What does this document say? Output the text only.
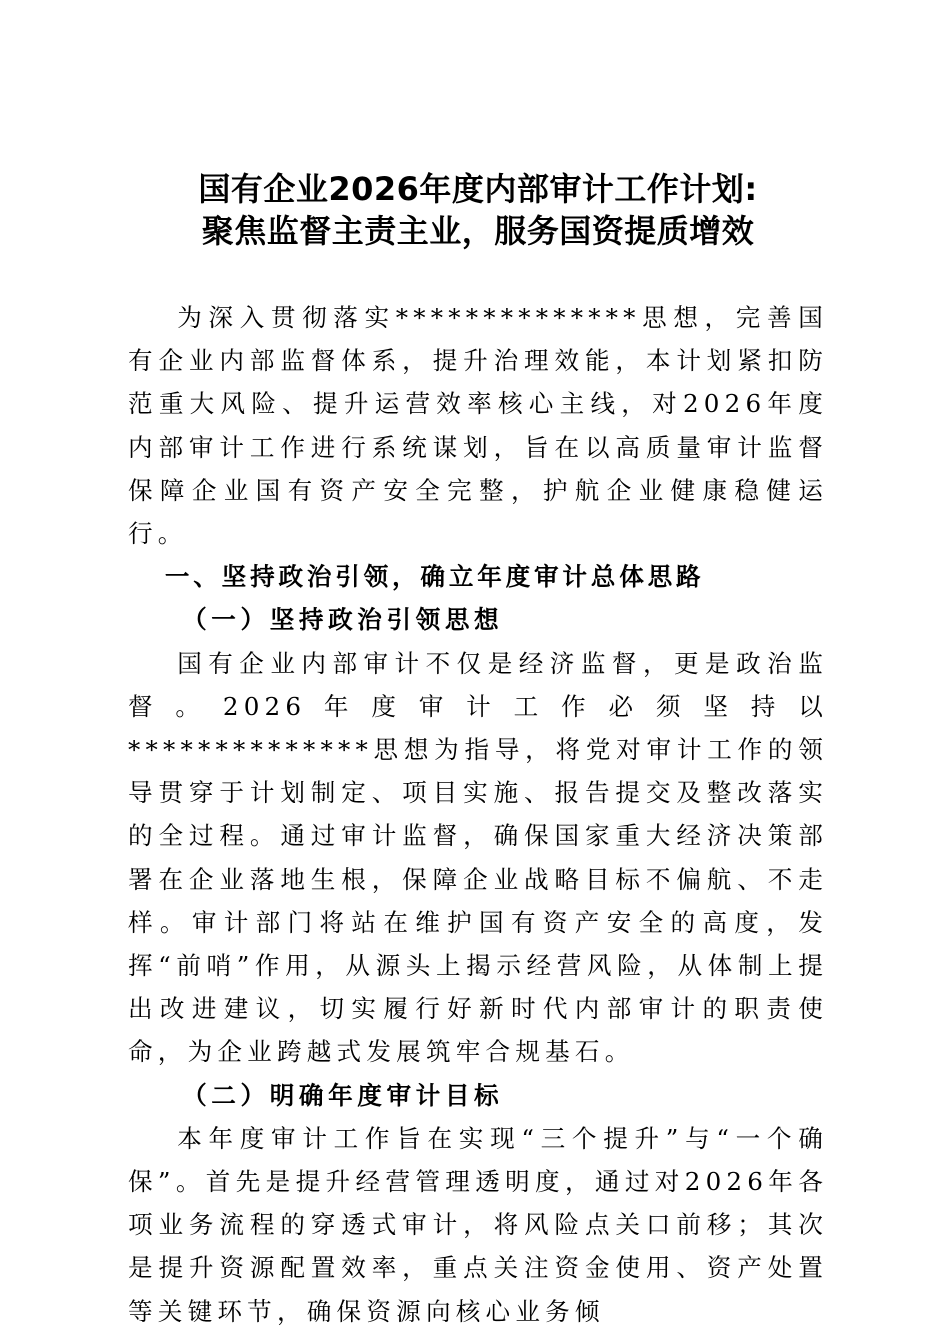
国有企业2026年度内部审计工作计划:
聚焦监督主责主业，服务国资提质增效

为深入贯彻落实**************思想，完善国有企业内部监督体系，提升治理效能，本计划紧扣防范重大风险、提升运营效率核心主线，对2026年度内部审计工作进行系统谋划，旨在以高质量审计监督保障企业国有资产安全完整，护航企业健康稳健运行。

一、坚持政治引领，确立年度审计总体思路
（一）坚持政治引领思想

国有企业内部审计不仅是经济监督，更是政治监督。2026年度审计工作必须坚持以**************思想为指导，将党对审计工作的领导贯穿于计划制定、项目实施、报告提交及整改落实的全过程。通过审计监督，确保国家重大经济决策部署在企业落地生根，保障企业战略目标不偏航、不走样。审计部门将站在维护国有资产安全的高度，发挥“前哨”作用，从源头上揭示经营风险，从体制上提出改进建议，切实履行好新时代内部审计的职责使命，为企业跨越式发展筑牢合规基石。

（二）明确年度审计目标

本年度审计工作旨在实现“三个提升”与“一个确保”。首先是提升经营管理透明度，通过对2026年各项业务流程的穿透式审计，将风险点关口前移；其次是提升资源配置效率，重点关注资金使用、资产处置等关键环节，确保资源向核心业务倾
